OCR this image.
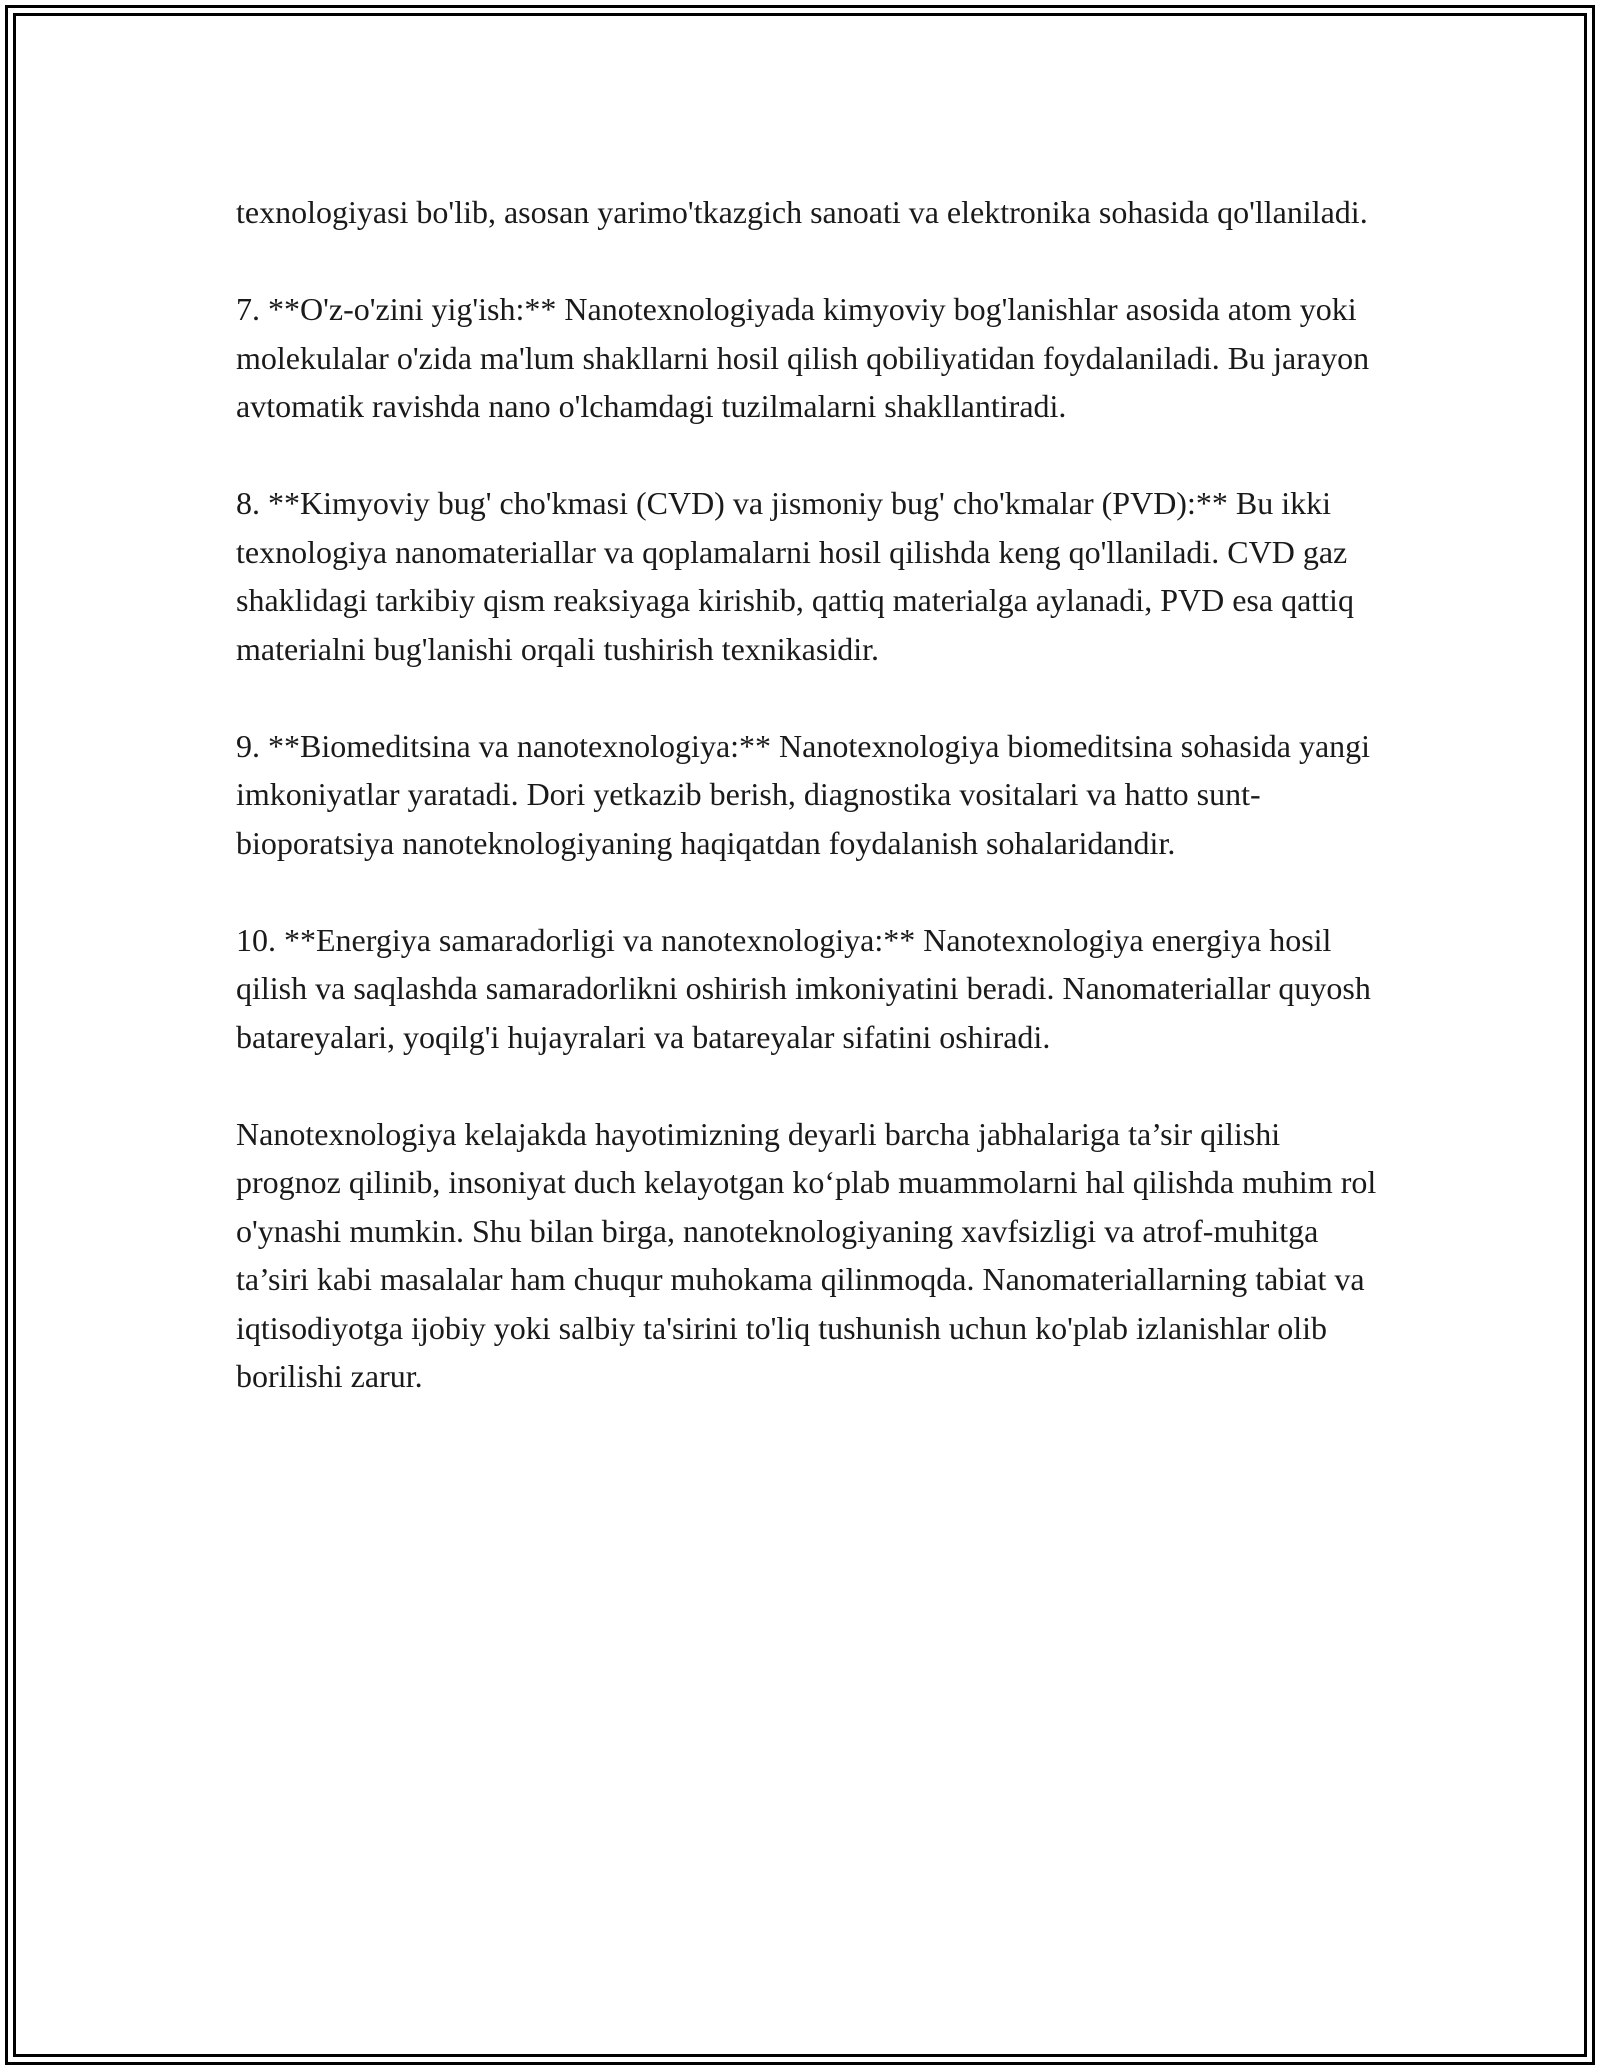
texnologiyasi bo'lib, asosan yarimo'tkazgich sanoati va elektronika sohasida qo'llaniladi.

7. **O'z-o'zini yig'ish:** Nanotexnologiyada kimyoviy bog'lanishlar asosida atom yoki molekulalar o'zida ma'lum shakllarni hosil qilish qobiliyatidan foydalaniladi. Bu jarayon avtomatik ravishda nano o'lchamdagi tuzilmalarni shakllantiradi.

8. **Kimyoviy bug' cho'kmasi (CVD) va jismoniy bug' cho'kmalar (PVD):** Bu ikki texnologiya nanomateriallar va qoplamalarni hosil qilishda keng qo'llaniladi. CVD gaz shaklidagi tarkibiy qism reaksiyaga kirishib, qattiq materialga aylanadi, PVD esa qattiq materialni bug'lanishi orqali tushirish texnikasidir.

9. **Biomeditsina va nanotexnologiya:** Nanotexnologiya biomeditsina sohasida yangi imkoniyatlar yaratadi. Dori yetkazib berish, diagnostika vositalari va hatto sunt-bioporatsiya nanoteknologiyaning haqiqatdan foydalanish sohalaridandir.

10. **Energiya samaradorligi va nanotexnologiya:** Nanotexnologiya energiya hosil qilish va saqlashda samaradorlikni oshirish imkoniyatini beradi. Nanomateriallar quyosh batareyalari, yoqilg'i hujayralari va batareyalar sifatini oshiradi.

Nanotexnologiya kelajakda hayotimizning deyarli barcha jabhalariga ta’sir qilishi prognoz qilinib, insoniyat duch kelayotgan ko‘plab muammolarni hal qilishda muhim rol o'ynashi mumkin. Shu bilan birga, nanoteknologiyaning xavfsizligi va atrof-muhitga ta’siri kabi masalalar ham chuqur muhokama qilinmoqda. Nanomateriallarning tabiat va iqtisodiyotga ijobiy yoki salbiy ta'sirini to'liq tushunish uchun ko'plab izlanishlar olib borilishi zarur.
